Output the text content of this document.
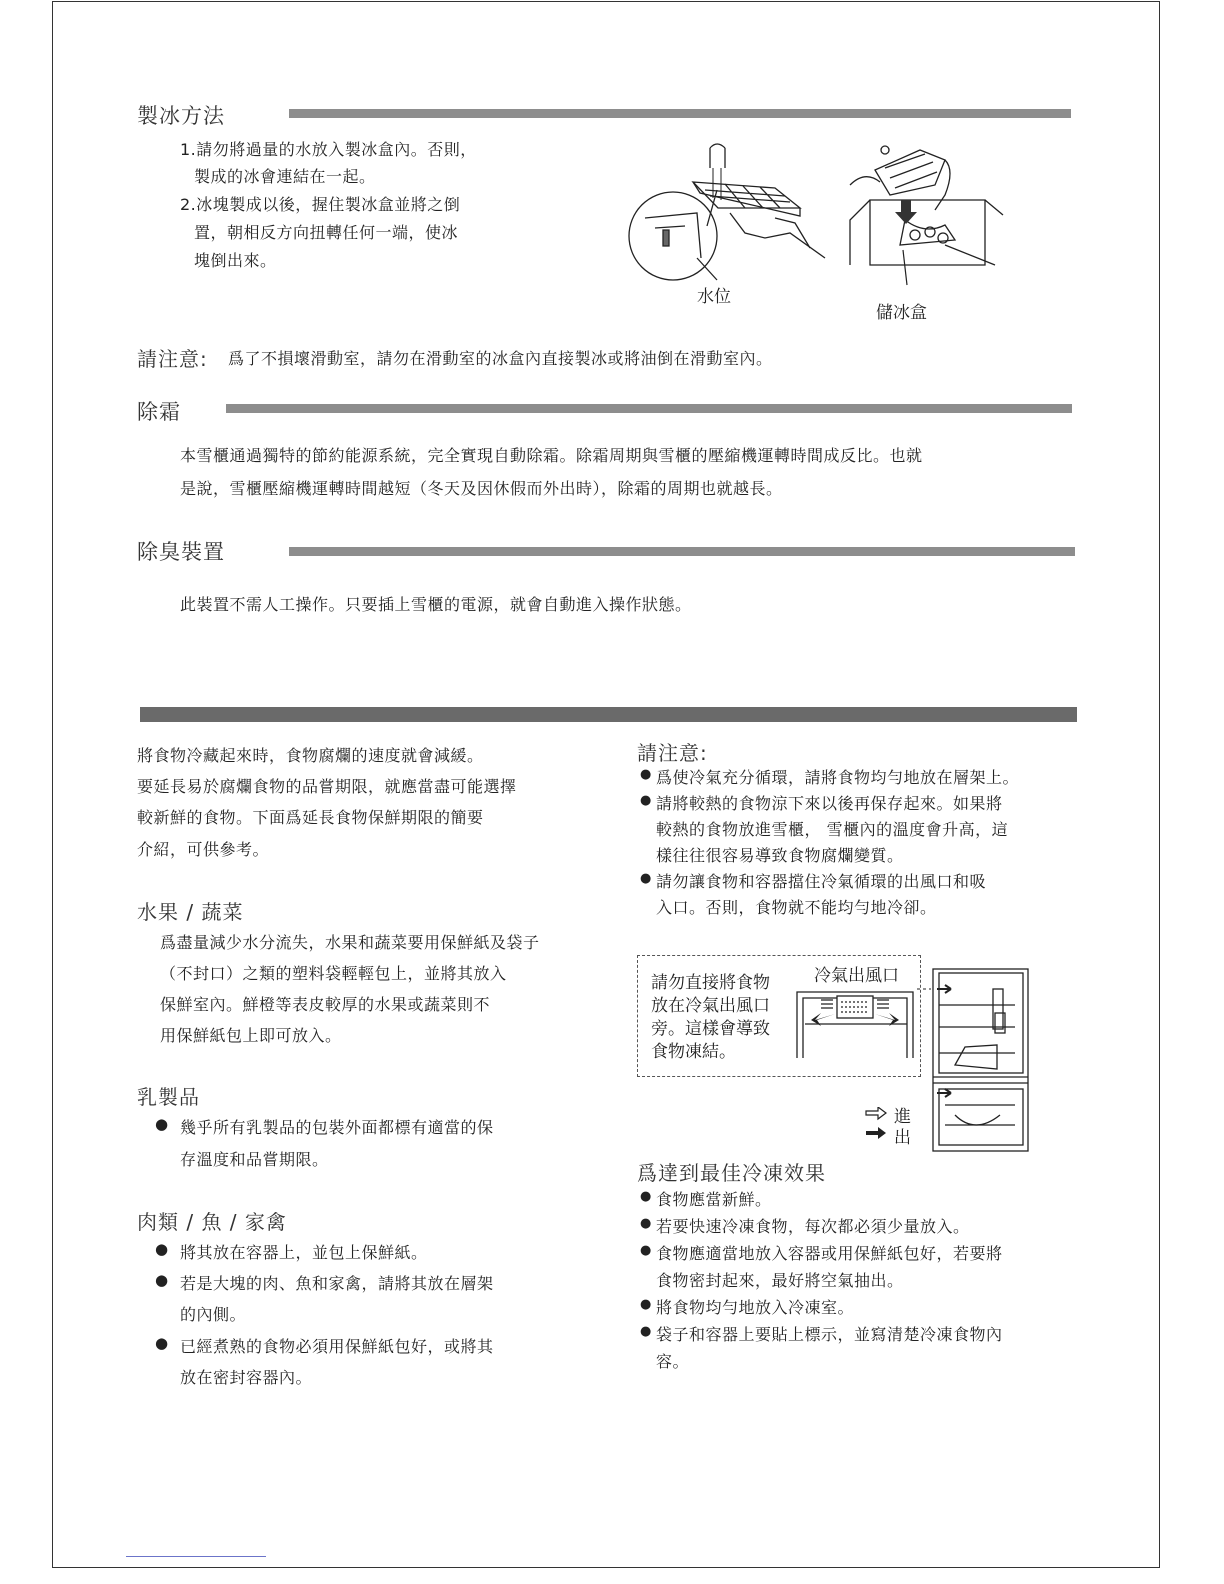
製冰方法
1.請勿將過量的水放入製冰盒內。否則，
製成的冰會連結在一起。
2.冰塊製成以後，握住製冰盒並將之倒
置，朝相反方向扭轉任何一端，使冰
塊倒出來。
水位
儲冰盒
請注意: 爲了不損壞滑動室，請勿在滑動室的冰盒內直接製冰或將油倒在滑動室內。
除霜
本雪櫃通過獨特的節約能源系統，完全實現自動除霜。除霜周期與雪櫃的壓縮機運轉時間成反比。也就
是說，雪櫃壓縮機運轉時間越短（冬天及因休假而外出時），除霜的周期也就越長。
除臭裝置
此裝置不需人工操作。只要插上雪櫃的電源，就會自動進入操作狀態。
將食物冷藏起來時，食物腐爛的速度就會減緩。
要延長易於腐爛食物的品嘗期限，就應當盡可能選擇
較新鮮的食物。下面爲延長食物保鮮期限的簡要
介紹，可供參考。
水果 / 蔬菜
爲盡量減少水分流失，水果和蔬菜要用保鮮紙及袋子
（不封口）之類的塑料袋輕輕包上，並將其放入
保鮮室內。鮮橙等表皮較厚的水果或蔬菜則不
用保鮮紙包上即可放入。
乳製品
● 幾乎所有乳製品的包裝外面都標有適當的保
存溫度和品嘗期限。
肉類 / 魚 / 家禽
● 將其放在容器上，並包上保鮮紙。
● 若是大塊的肉、魚和家禽，請將其放在層架
的內側。
● 已經煮熟的食物必須用保鮮紙包好，或將其
放在密封容器內。
請注意:
● 爲使冷氣充分循環，請將食物均勻地放在層架上。
● 請將較熱的食物涼下來以後再保存起來。如果將
較熱的食物放進雪櫃， 雪櫃內的溫度會升高，這
樣往往很容易導致食物腐爛變質。
● 請勿讓食物和容器擋住冷氣循環的出風口和吸
入口。否則，食物就不能均勻地冷卻。
請勿直接將食物
放在冷氣出風口
旁。這樣會導致
食物凍結。
冷氣出風口
進
出
爲達到最佳冷凍效果
● 食物應當新鮮。
● 若要快速冷凍食物，每次都必須少量放入。
● 食物應適當地放入容器或用保鮮紙包好，若要將
食物密封起來，最好將空氣抽出。
● 將食物均勻地放入冷凍室。
● 袋子和容器上要貼上標示，並寫清楚冷凍食物內
容。
